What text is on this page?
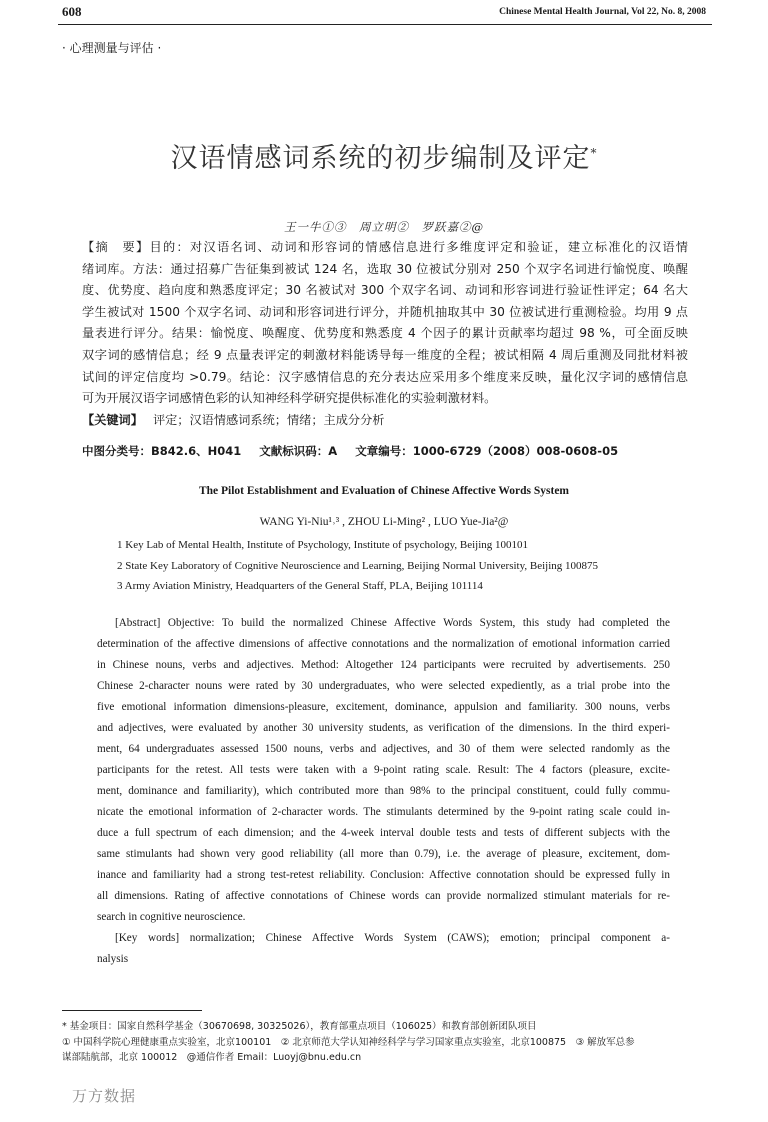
608	Chinese Mental Health Journal, Vol 22, No. 8, 2008
· 心理测量与评估 ·
汉语情感词系统的初步编制及评定*
王一牛①③　周立明②　罗跃嘉②@
【摘　要】目的：对汉语名词、动词和形容词的情感信息进行多维度评定和验证，建立标准化的汉语情
绪词库。方法：通过招募广告征集到被试 124 名，选取 30 位被试分别对 250 个双字名词进行愉悦度、唤醒
度、优势度、趋向度和熟悉度评定；30 名被试对 300 个双字名词、动词和形容词进行验证性评定；64 名大
学生被试对 1500 个双字名词、动词和形容词进行评分，并随机抽取其中 30 位被试进行重测检验。均用 9 点
量表进行评分。结果：愉悦度、唤醒度、优势度和熟悉度 4 个因子的累计贡献率均超过 98 %，可全面反映
双字词的感情信息；经 9 点量表评定的刺激材料能诱导每一维度的全程；被试相隔 4 周后重测及同批材料被
试间的评定信度均 >0.79。结论：汉字感情信息的充分表达应采用多个维度来反映，量化汉字词的感情信息
可为开展汉语字词感情色彩的认知神经科学研究提供标准化的实验刺激材料。
【关键词】 评定；汉语情感词系统；情绪；主成分分析
中图分类号：B842.6、H041 文献标识码：A 文章编号：1000-6729（2008）008-0608-05
The Pilot Establishment and Evaluation of Chinese Affective Words System
WANG Yi-Niu¹˒³ , ZHOU Li-Ming² , LUO Yue-Jia²@
1 Key Lab of Mental Health, Institute of Psychology, Institute of psychology, Beijing 100101
2 State Key Laboratory of Cognitive Neuroscience and Learning, Beijing Normal University, Beijing 100875
3 Army Aviation Ministry, Headquarters of the General Staff, PLA, Beijing 101114
[Abstract] Objective: To build the normalized Chinese Affective Words System, this study had completed the
determination of the affective dimensions of affective connotations and the normalization of emotional information carried
in Chinese nouns, verbs and adjectives. Method: Altogether 124 participants were recruited by advertisements. 250
Chinese 2-character nouns were rated by 30 undergraduates, who were selected expediently, as a trial probe into the
five emotional information dimensions-pleasure, excitement, dominance, appulsion and familiarity. 300 nouns, verbs
and adjectives, were evaluated by another 30 university students, as verification of the dimensions. In the third experi-
ment, 64 undergraduates assessed 1500 nouns, verbs and adjectives, and 30 of them were selected randomly as the
participants for the retest. All tests were taken with a 9-point rating scale. Result: The 4 factors (pleasure, excite-
ment, dominance and familiarity), which contributed more than 98% to the principal constituent, could fully commu-
nicate the emotional information of 2-character words. The stimulants determined by the 9-point rating scale could in-
duce a full spectrum of each dimension; and the 4-week interval double tests and tests of different subjects with the
same stimulants had shown very good reliability (all more than 0.79), i.e. the average of pleasure, excitement, dom-
inance and familiarity had a strong test-retest reliability. Conclusion: Affective connotation should be expressed fully in
all dimensions. Rating of affective connotations of Chinese words can provide normalized stimulant materials for re-
search in cognitive neuroscience.
[Key words] normalization; Chinese Affective Words System (CAWS); emotion; principal component a-
nalysis
* 基金项目：国家自然科学基金（30670698, 30325026），教育部重点项目（106025）和教育部创新团队项目
① 中国科学院心理健康重点实验室，北京100101　② 北京师范大学认知神经科学与学习国家重点实验室，北京100875　③ 解放军总参
谋部陆航部，北京 100012　@通信作者 Email：Luoyj@bnu.edu.cn
万方数据
